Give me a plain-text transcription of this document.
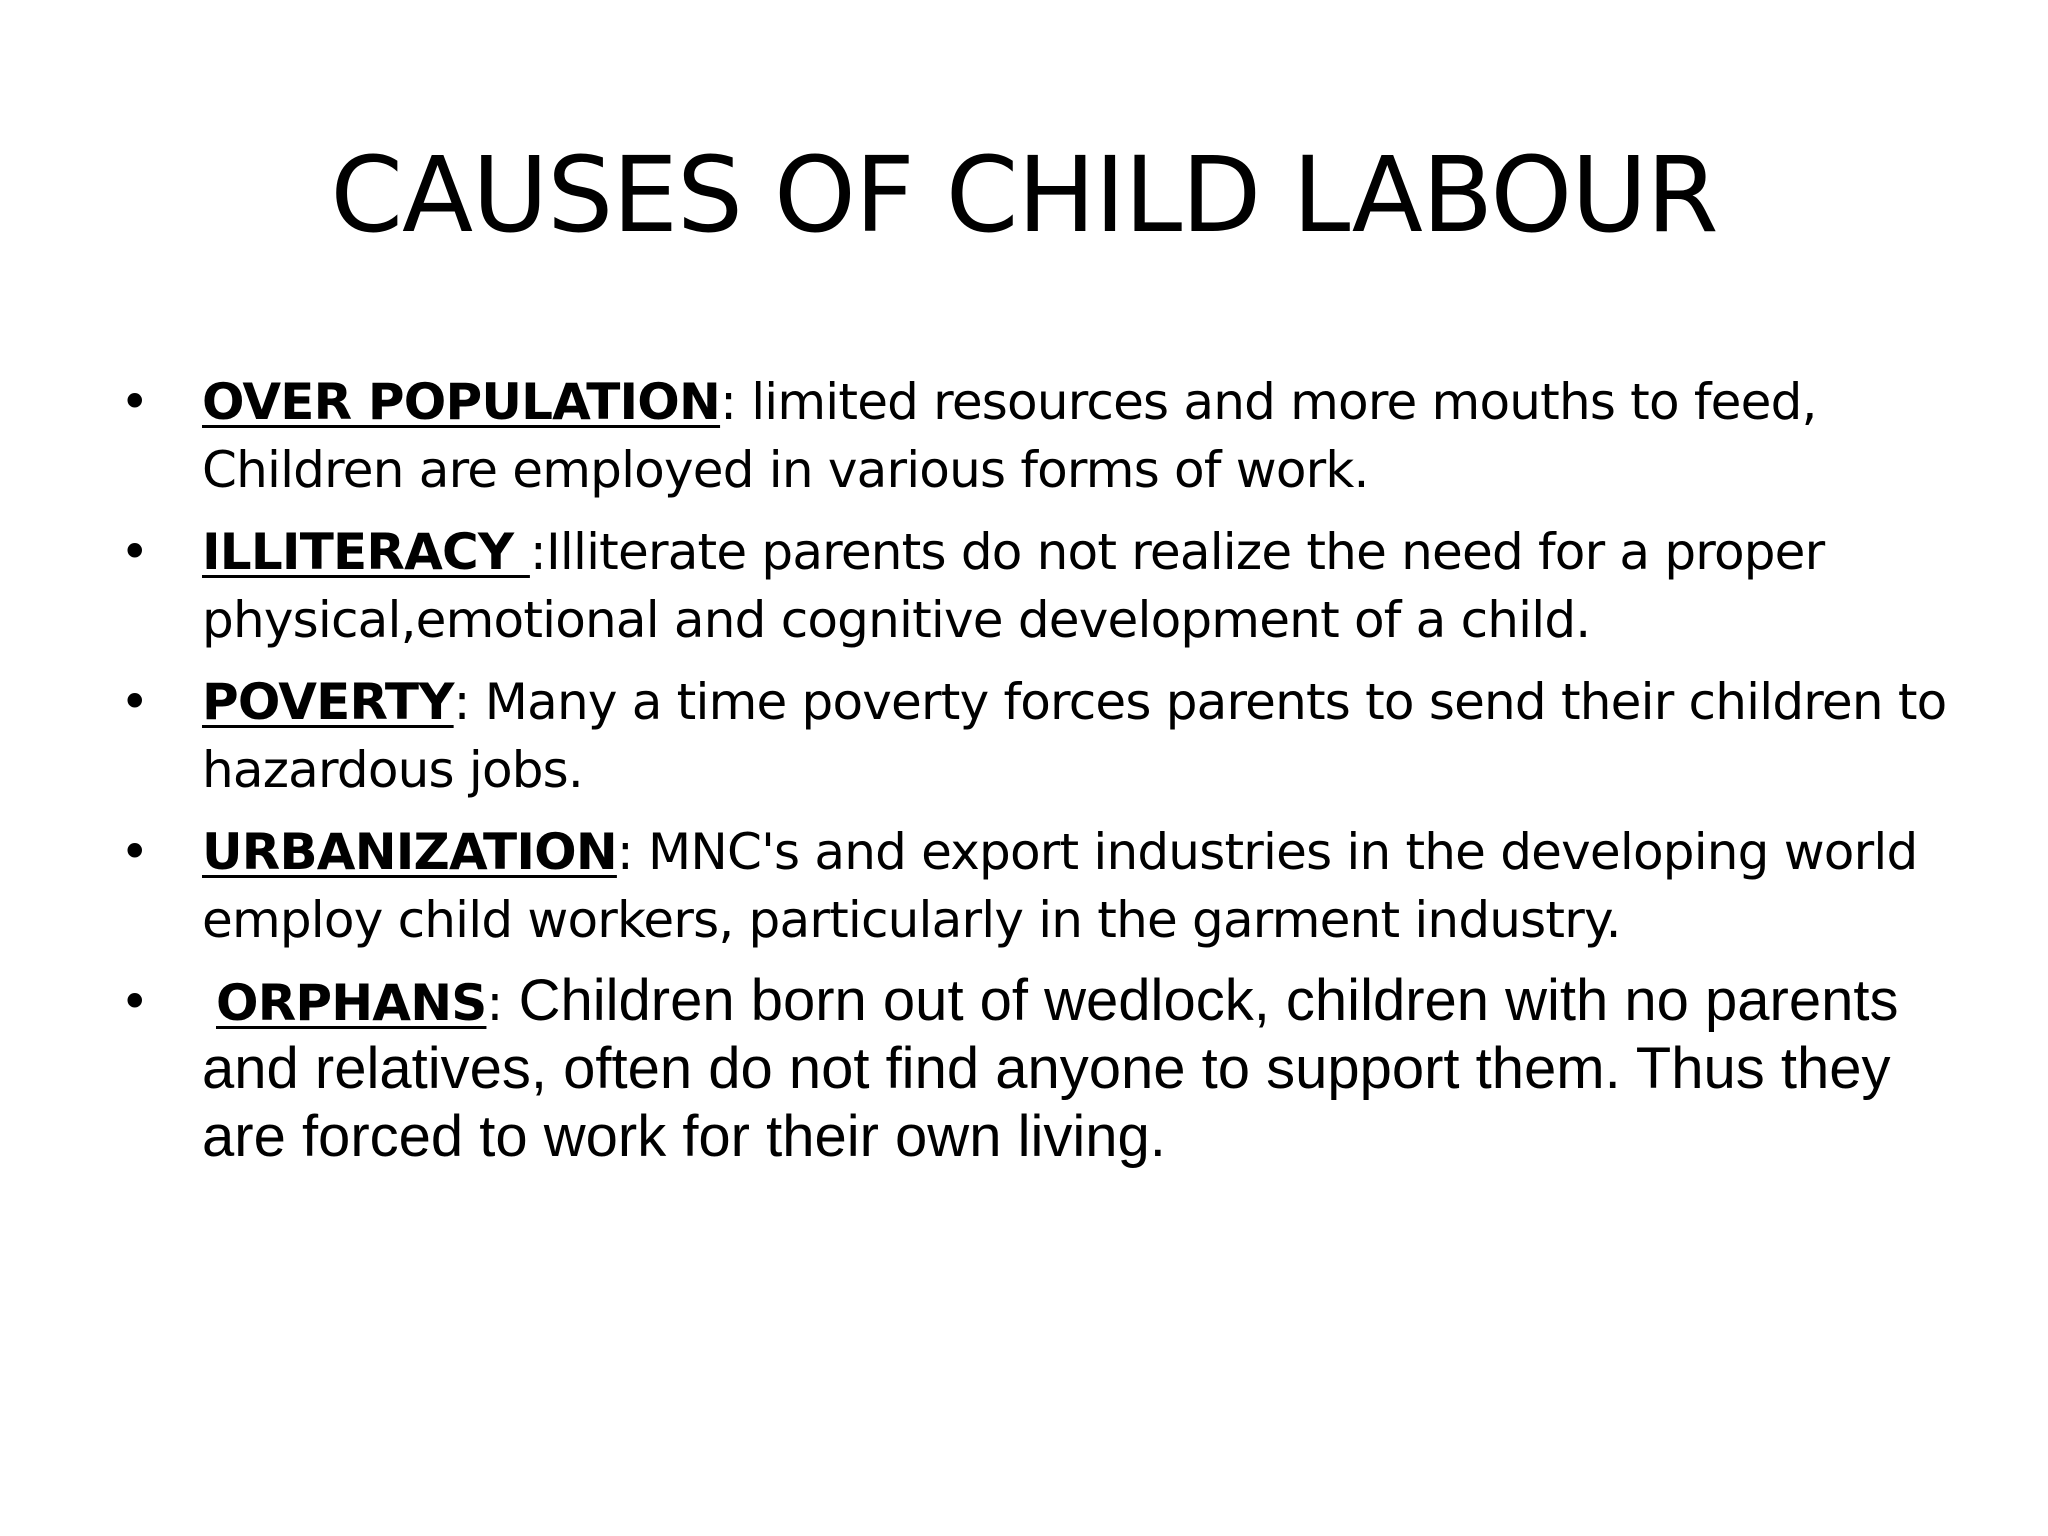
CAUSES OF CHILD LABOUR
• OVER POPULATION: limited resources and more mouths to feed, Children are employed in various forms of work.
• ILLITERACY :Illiterate parents do not realize the need for a proper physical,emotional and cognitive development of a child.
• POVERTY: Many a time poverty forces parents to send their children to hazardous jobs.
• URBANIZATION: MNC's and export industries in the developing world employ child workers, particularly in the garment industry.
• ORPHANS: Children born out of wedlock, children with no parents and relatives, often do not find anyone to support them. Thus they are forced to work for their own living.
